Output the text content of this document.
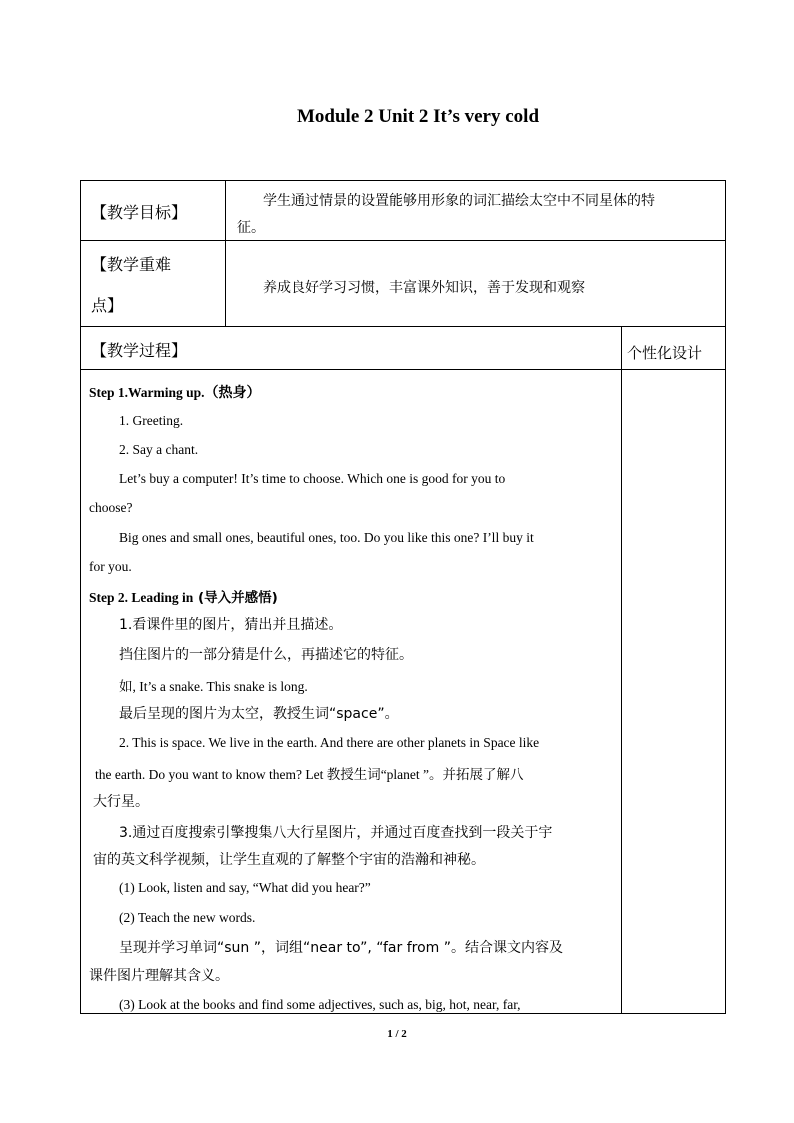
Module 2 Unit 2 It’s very cold
【教学目标】
学生通过情景的设置能够用形象的词汇描绘太空中不同星体的特
征。
【教学重难
点】
养成良好学习习惯，丰富课外知识，善于发现和观察
【教学过程】	个性化设计
Step 1.Warming up.（热身）
1. Greeting.
2. Say a chant.
Let’s buy a computer! It’s time to choose. Which one is good for you to
choose?
Big ones and small ones, beautiful ones, too. Do you like this one? I’ll buy it
for you.
Step 2. Leading in (导入并感悟)
1.看课件里的图片，猜出并且描述。
挡住图片的一部分猜是什么，再描述它的特征。
如, It’s a snake. This snake is long.
最后呈现的图片为太空，教授生词“space”。
2. This is space. We live in the earth. And there are other planets in Space like
the earth. Do you want to know them? Let 教授生词“planet ”。并拓展了解八
大行星。
3.通过百度搜索引擎搜集八大行星图片，并通过百度查找到一段关于宇
宙的英文科学视频，让学生直观的了解整个宇宙的浩瀚和神秘。
(1) Look, listen and say, “What did you hear?”
(2) Teach the new words.
呈现并学习单词“sun ”，词组“near to”, “far from ”。结合课文内容及
课件图片理解其含义。
(3) Look at the books and find some adjectives, such as, big, hot, near, far,
1 / 2
